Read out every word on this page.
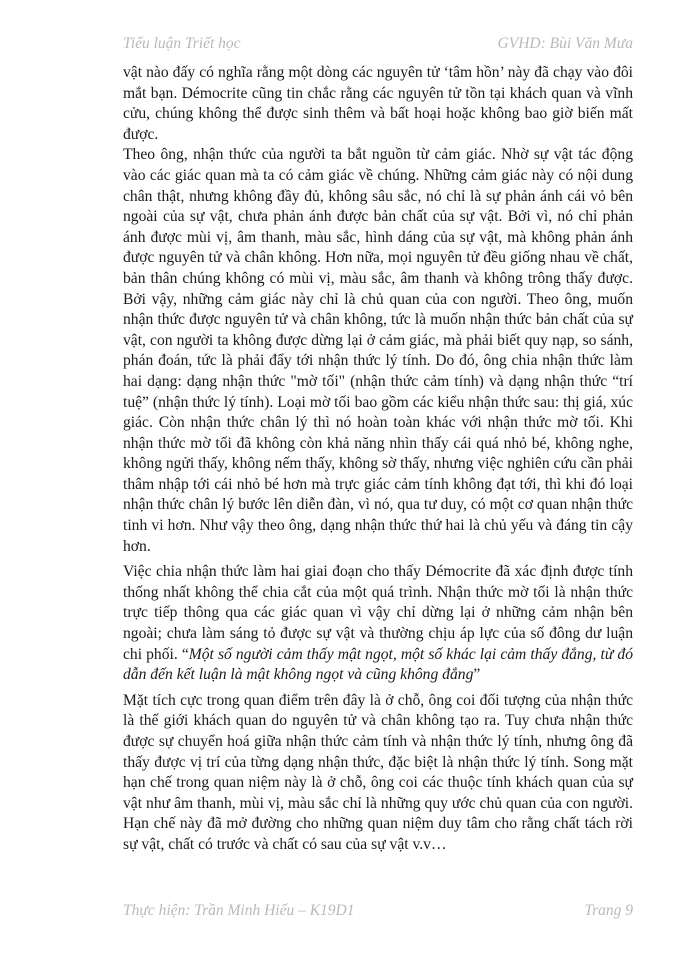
Tiểu luận Triết học	GVHD: Bùi Văn Mưa

vật nào đấy có nghĩa rằng một dòng các nguyên tử ‘tâm hồn’ này đã chạy vào đôi mắt bạn. Démocrite cũng tin chắc rằng các nguyên tử tồn tại khách quan và vĩnh cửu, chúng không thể được sinh thêm và bất hoại hoặc không bao giờ biến mất được.

Theo ông, nhận thức của người ta bắt nguồn từ cảm giác. Nhờ sự vật tác động vào các giác quan mà ta có cảm giác về chúng. Những cảm giác này có nội dung chân thật, nhưng không đầy đủ, không sâu sắc, nó chỉ là sự phản ánh cái vỏ bên ngoài của sự vật, chưa phản ánh được bản chất của sự vật. Bởi vì, nó chỉ phản ánh được mùi vị, âm thanh, màu sắc, hình dáng của sự vật, mà không phản ánh được nguyên tử và chân không. Hơn nữa, mọi nguyên tử đều giống nhau về chất, bản thân chúng không có mùi vị, màu sắc, âm thanh và không trông thấy được. Bởi vậy, những cảm giác này chỉ là chủ quan của con người. Theo ông, muốn nhận thức được nguyên tử và chân không, tức là muốn nhận thức bản chất của sự vật, con người ta không được dừng lại ở cảm giác, mà phải biết quy nạp, so sánh, phán đoán, tức là phải đẩy tới nhận thức lý tính. Do đó, ông chia nhận thức làm hai dạng: dạng nhận thức "mờ tối" (nhận thức cảm tính) và dạng nhận thức “trí tuệ” (nhận thức lý tính). Loại mờ tối bao gồm các kiểu nhận thức sau: thị giá, xúc giác. Còn nhận thức chân lý thì nó hoàn toàn khác với nhận thức mờ tối. Khi nhận thức mờ tối đã không còn khả năng nhìn thấy cái quá nhỏ bé, không nghe, không ngửi thấy, không nếm thấy, không sờ thấy, nhưng việc nghiên cứu cần phải thâm nhập tới cái nhỏ bé hơn mà trực giác cảm tính không đạt tới, thì khi đó loại nhận thức chân lý bước lên diễn đàn, vì nó, qua tư duy, có một cơ quan nhận thức tinh vi hơn. Như vậy theo ông, dạng nhận thức thứ hai là chủ yếu và đáng tin cậy hơn.

Việc chia nhận thức làm hai giai đoạn cho thấy Démocrite đã xác định được tính thống nhất không thể chia cắt của một quá trình. Nhận thức mờ tối là nhận thức trực tiếp thông qua các giác quan vì vậy chỉ dừng lại ở những cảm nhận bên ngoài; chưa làm sáng tỏ được sự vật và thường chịu áp lực của số đông dư luận chi phối. “Một số người cảm thấy mật ngọt, một số khác lại cảm thấy đắng, từ đó dẫn đến kết luận là mật không ngọt và cũng không đắng”

Mặt tích cực trong quan điểm trên đây là ở chỗ, ông coi đối tượng của nhận thức là thế giới khách quan do nguyên tử và chân không tạo ra. Tuy chưa nhận thức được sự chuyển hoá giữa nhận thức cảm tính và nhận thức lý tính, nhưng ông đã thấy được vị trí của từng dạng nhận thức, đặc biệt là nhận thức lý tính. Song mặt hạn chế trong quan niệm này là ở chỗ, ông coi các thuộc tính khách quan của sự vật như âm thanh, mùi vị, màu sắc chỉ là những quy ước chủ quan của con người. Hạn chế này đã mở đường cho những quan niệm duy tâm cho rằng chất tách rời sự vật, chất có trước và chất có sau của sự vật v.v…

Thực hiện: Trần Minh Hiếu – K19D1	Trang 9
